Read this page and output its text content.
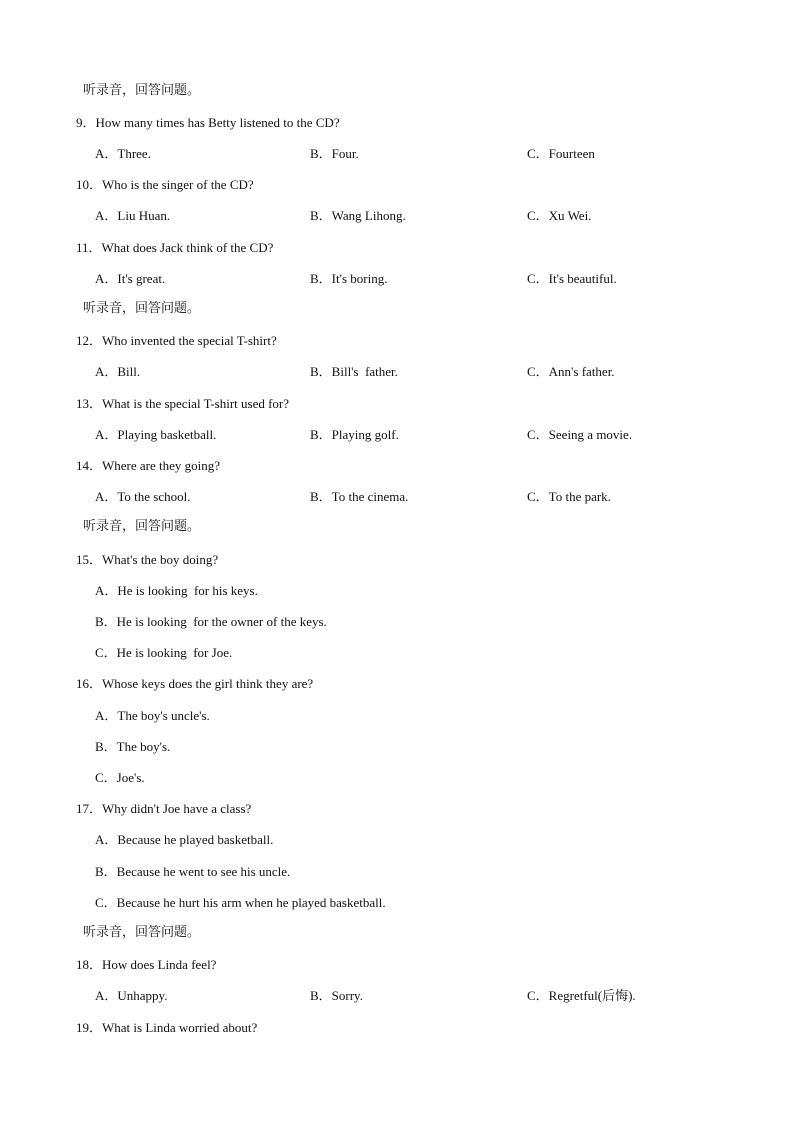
听录音，回答问题。
9．How many times has Betty listened to the CD?
A．Three.	B．Four.	C．Fourteen
10．Who is the singer of the CD?
A．Liu Huan.	B．Wang Lihong.	C．Xu Wei.
11．What does Jack think of the CD?
A．It's great.	B．It's boring.	C．It's beautiful.
听录音，回答问题。
12．Who invented the special T-shirt?
A．Bill.	B．Bill's  father.	C．Ann's father.
13．What is the special T-shirt used for?
A．Playing basketball.	B．Playing golf.	C．Seeing a movie.
14．Where are they going?
A．To the school.	B．To the cinema.	C．To the park.
听录音，回答问题。
15．What's the boy doing?
A．He is looking  for his keys.
B．He is looking  for the owner of the keys.
C．He is looking  for Joe.
16．Whose keys does the girl think they are?
A．The boy's uncle's.
B．The boy's.
C．Joe's.
17．Why didn't Joe have a class?
A．Because he played basketball.
B．Because he went to see his uncle.
C．Because he hurt his arm when he played basketball.
听录音，回答问题。
18．How does Linda feel?
A．Unhappy.	B．Sorry.	C．Regretful(后悔).
19．What is Linda worried about?
